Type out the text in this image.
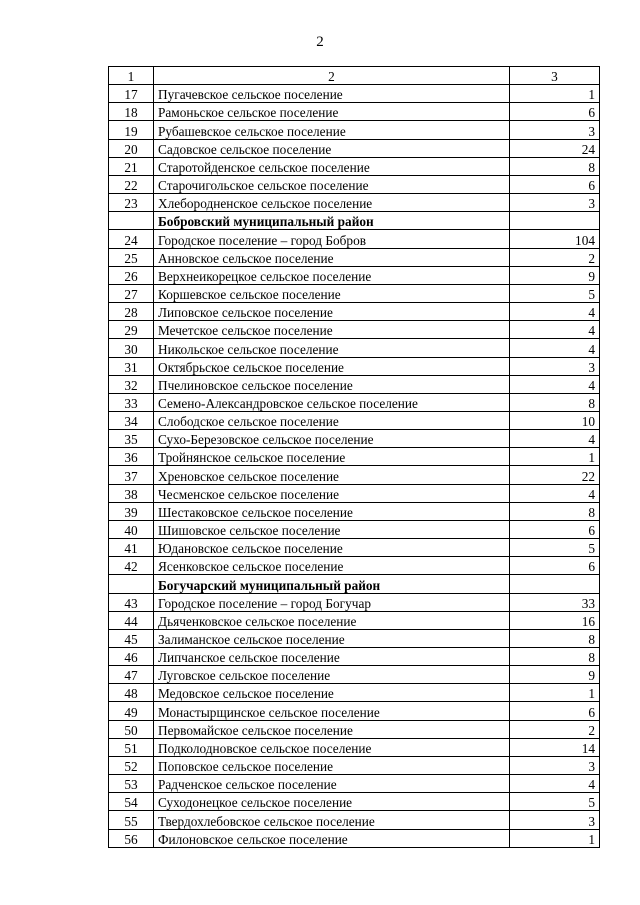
2
1	2	3
17	Пугачевское сельское поселение	1
18	Рамоньское сельское поселение	6
19	Рубашевское сельское поселение	3
20	Садовское сельское поселение	24
21	Старотойденское сельское поселение	8
22	Старочигольское сельское поселение	6
23	Хлебородненское сельское поселение	3
	Бобровский муниципальный район	
24	Городское поселение – город Бобров	104
25	Анновское сельское поселение	2
26	Верхнеикорецкое сельское поселение	9
27	Коршевское сельское поселение	5
28	Липовское сельское поселение	4
29	Мечетское сельское поселение	4
30	Никольское сельское поселение	4
31	Октябрьское сельское поселение	3
32	Пчелиновское сельское поселение	4
33	Семено-Александровское сельское поселение	8
34	Слободское сельское поселение	10
35	Сухо-Березовское сельское поселение	4
36	Тройнянское сельское поселение	1
37	Хреновское сельское поселение	22
38	Чесменское сельское поселение	4
39	Шестаковское сельское поселение	8
40	Шишовское сельское поселение	6
41	Юдановское сельское поселение	5
42	Ясенковское сельское поселение	6
	Богучарский муниципальный район	
43	Городское поселение – город Богучар	33
44	Дьяченковское сельское поселение	16
45	Залиманское сельское поселение	8
46	Липчанское сельское поселение	8
47	Луговское сельское поселение	9
48	Медовское сельское поселение	1
49	Монастырщинское сельское поселение	6
50	Первомайское сельское поселение	2
51	Подколодновское сельское поселение	14
52	Поповское сельское поселение	3
53	Радченское сельское поселение	4
54	Суходонецкое сельское поселение	5
55	Твердохлебовское сельское поселение	3
56	Филоновское сельское поселение	1
